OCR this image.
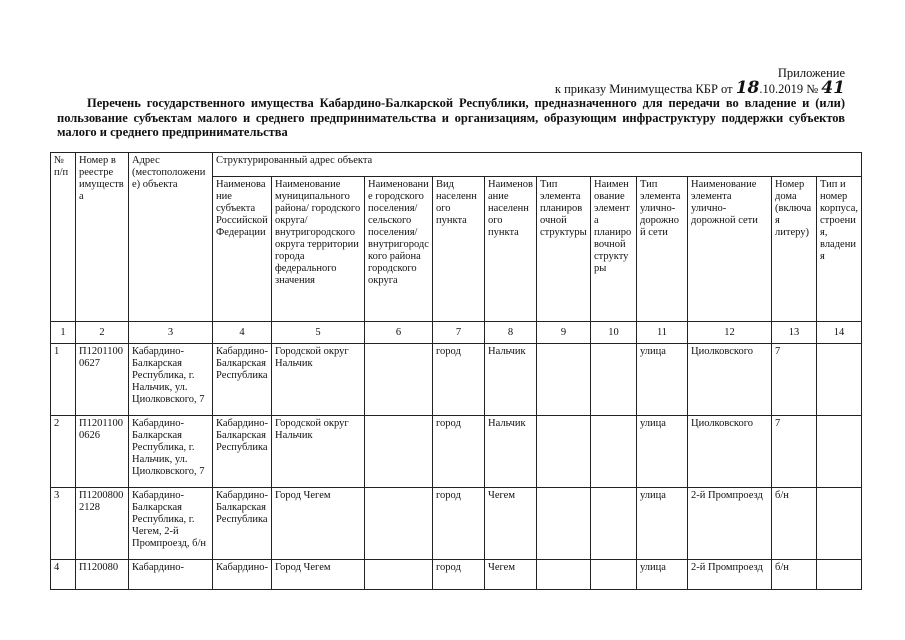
Приложение
к приказу Минимущества КБР от 18.10.2019 № 41

Перечень государственного имущества Кабардино-Балкарской Республики, предназначенного для передачи во владение и (или) пользование субъектам малого и среднего предпринимательства и организациям, образующим инфраструктуру поддержки субъектов малого и среднего предпринимательства

№ п/п	Номер в реестре имущества	Адрес (местоположение) объекта	Структурированный адрес объекта										
			Наименование субъекта Российской Федерации	Наименование муниципального района/ городского округа/ внутригородского округа территории города федерального значения	Наименование городского поселения/сельского поселения/внутригородского района городского округа	Вид населенного пункта	Наименование населенного пункта	Тип элемента планировочной структуры	Наименование элемента планировочной структуры	Тип элемента улично-дорожной сети	Наименование элемента улично-дорожной сети	Номер дома (включая литеру)	Тип и номер корпуса, строения, владения
1	2	3	4	5	6	7	8	9	10	11	12	13	14
1	П12011000627	Кабардино-Балкарская Республика, г. Нальчик, ул. Циолковского, 7	Кабардино-Балкарская Республика	Городской округ Нальчик		город	Нальчик			улица	Циолковского	7	
2	П12011000626	Кабардино-Балкарская Республика, г. Нальчик, ул. Циолковского, 7	Кабардино-Балкарская Республика	Городской округ Нальчик		город	Нальчик			улица	Циолковского	7	
3	П12008002128	Кабардино-Балкарская Республика, г. Чегем, 2-й Промпроезд, б/н	Кабардино-Балкарская Республика	Город Чегем		город	Чегем			улица	2-й Промпроезд	б/н	
4	П120080	Кабардино-	Кабардино-	Город Чегем		город	Чегем			улица	2-й Промпроезд	б/н	
